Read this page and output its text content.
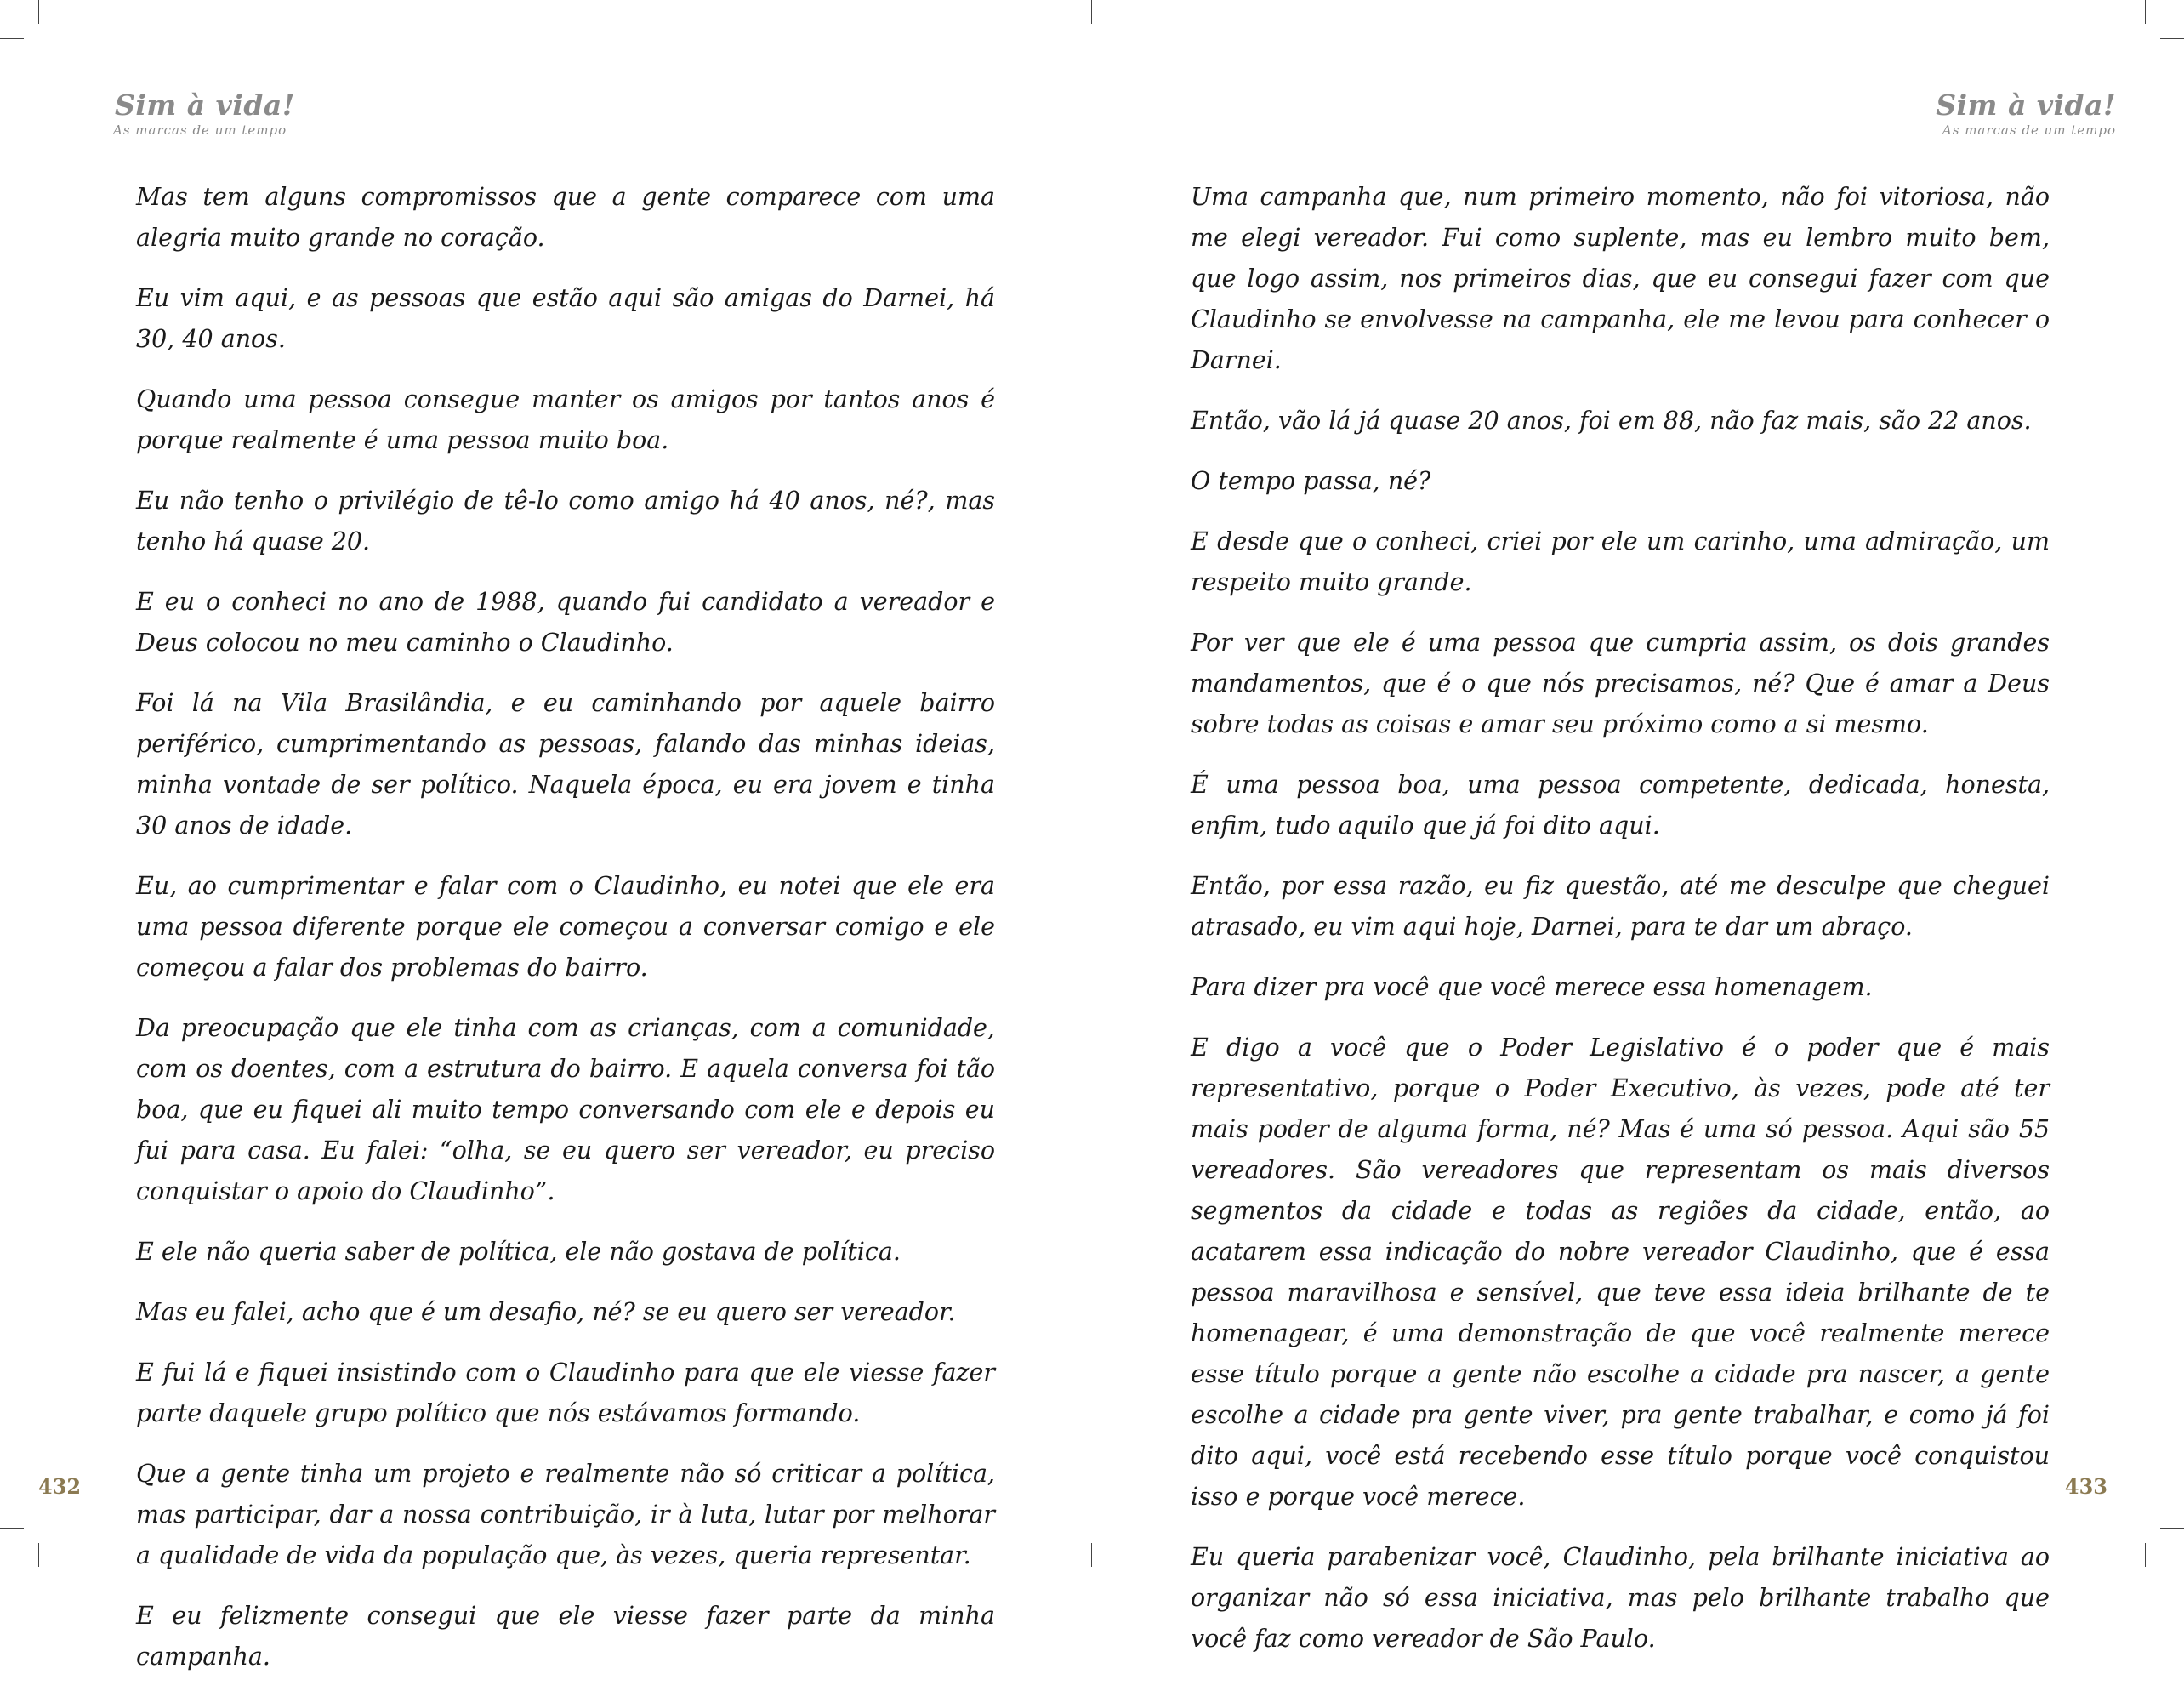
Sim à vida!
As marcas de um tempo
Sim à vida!
As marcas de um tempo

Mas tem alguns compromissos que a gente comparece com uma alegria muito grande no coração.

Eu vim aqui, e as pessoas que estão aqui são amigas do Darnei, há 30, 40 anos.

Quando uma pessoa consegue manter os amigos por tantos anos é porque realmente é uma pessoa muito boa.

Eu não tenho o privilégio de tê-lo como amigo há 40 anos, né?, mas tenho há quase 20.

E eu o conheci no ano de 1988, quando fui candidato a vereador e Deus colocou no meu caminho o Claudinho.

Foi lá na Vila Brasilândia, e eu caminhando por aquele bairro periférico, cumprimentando as pessoas, falando das minhas ideias, minha vontade de ser político. Naquela época, eu era jovem e tinha 30 anos de idade.

Eu, ao cumprimentar e falar com o Claudinho, eu notei que ele era uma pessoa diferente porque ele começou a conversar comigo e ele começou a falar dos problemas do bairro.

Da preocupação que ele tinha com as crianças, com a comunidade, com os doentes, com a estrutura do bairro. E aquela conversa foi tão boa, que eu fiquei ali muito tempo conversando com ele e depois eu fui para casa. Eu falei: “olha, se eu quero ser vereador, eu preciso conquistar o apoio do Claudinho”.

E ele não queria saber de política, ele não gostava de política.

Mas eu falei, acho que é um desafio, né? se eu quero ser vereador.

E fui lá e fiquei insistindo com o Claudinho para que ele viesse fazer parte daquele grupo político que nós estávamos formando.

Que a gente tinha um projeto e realmente não só criticar a política, mas participar, dar a nossa contribuição, ir à luta, lutar por melhorar a qualidade de vida da população que, às vezes, queria representar.

E eu felizmente consegui que ele viesse fazer parte da minha campanha.

Uma campanha que, num primeiro momento, não foi vitoriosa, não me elegi vereador. Fui como suplente, mas eu lembro muito bem, que logo assim, nos primeiros dias, que eu consegui fazer com que Claudinho se envolvesse na campanha, ele me levou para conhecer o Darnei.

Então, vão lá já quase 20 anos, foi em 88, não faz mais, são 22 anos.

O tempo passa, né?

E desde que o conheci, criei por ele um carinho, uma admiração, um respeito muito grande.

Por ver que ele é uma pessoa que cumpria assim, os dois grandes mandamentos, que é o que nós precisamos, né? Que é amar a Deus sobre todas as coisas e amar seu próximo como a si mesmo.

É uma pessoa boa, uma pessoa competente, dedicada, honesta, enfim, tudo aquilo que já foi dito aqui.

Então, por essa razão, eu fiz questão, até me desculpe que cheguei atrasado, eu vim aqui hoje, Darnei, para te dar um abraço.

Para dizer pra você que você merece essa homenagem.

E digo a você que o Poder Legislativo é o poder que é mais representativo, porque o Poder Executivo, às vezes, pode até ter mais poder de alguma forma, né? Mas é uma só pessoa. Aqui são 55 vereadores. São vereadores que representam os mais diversos segmentos da cidade e todas as regiões da cidade, então, ao acatarem essa indicação do nobre vereador Claudinho, que é essa pessoa maravilhosa e sensível, que teve essa ideia brilhante de te homenagear, é uma demonstração de que você realmente merece esse título porque a gente não escolhe a cidade pra nascer, a gente escolhe a cidade pra gente viver, pra gente trabalhar, e como já foi dito aqui, você está recebendo esse título porque você conquistou isso e porque você merece.

Eu queria parabenizar você, Claudinho, pela brilhante iniciativa ao organizar não só essa iniciativa, mas pelo brilhante trabalho que você faz como vereador de São Paulo.

432	433
